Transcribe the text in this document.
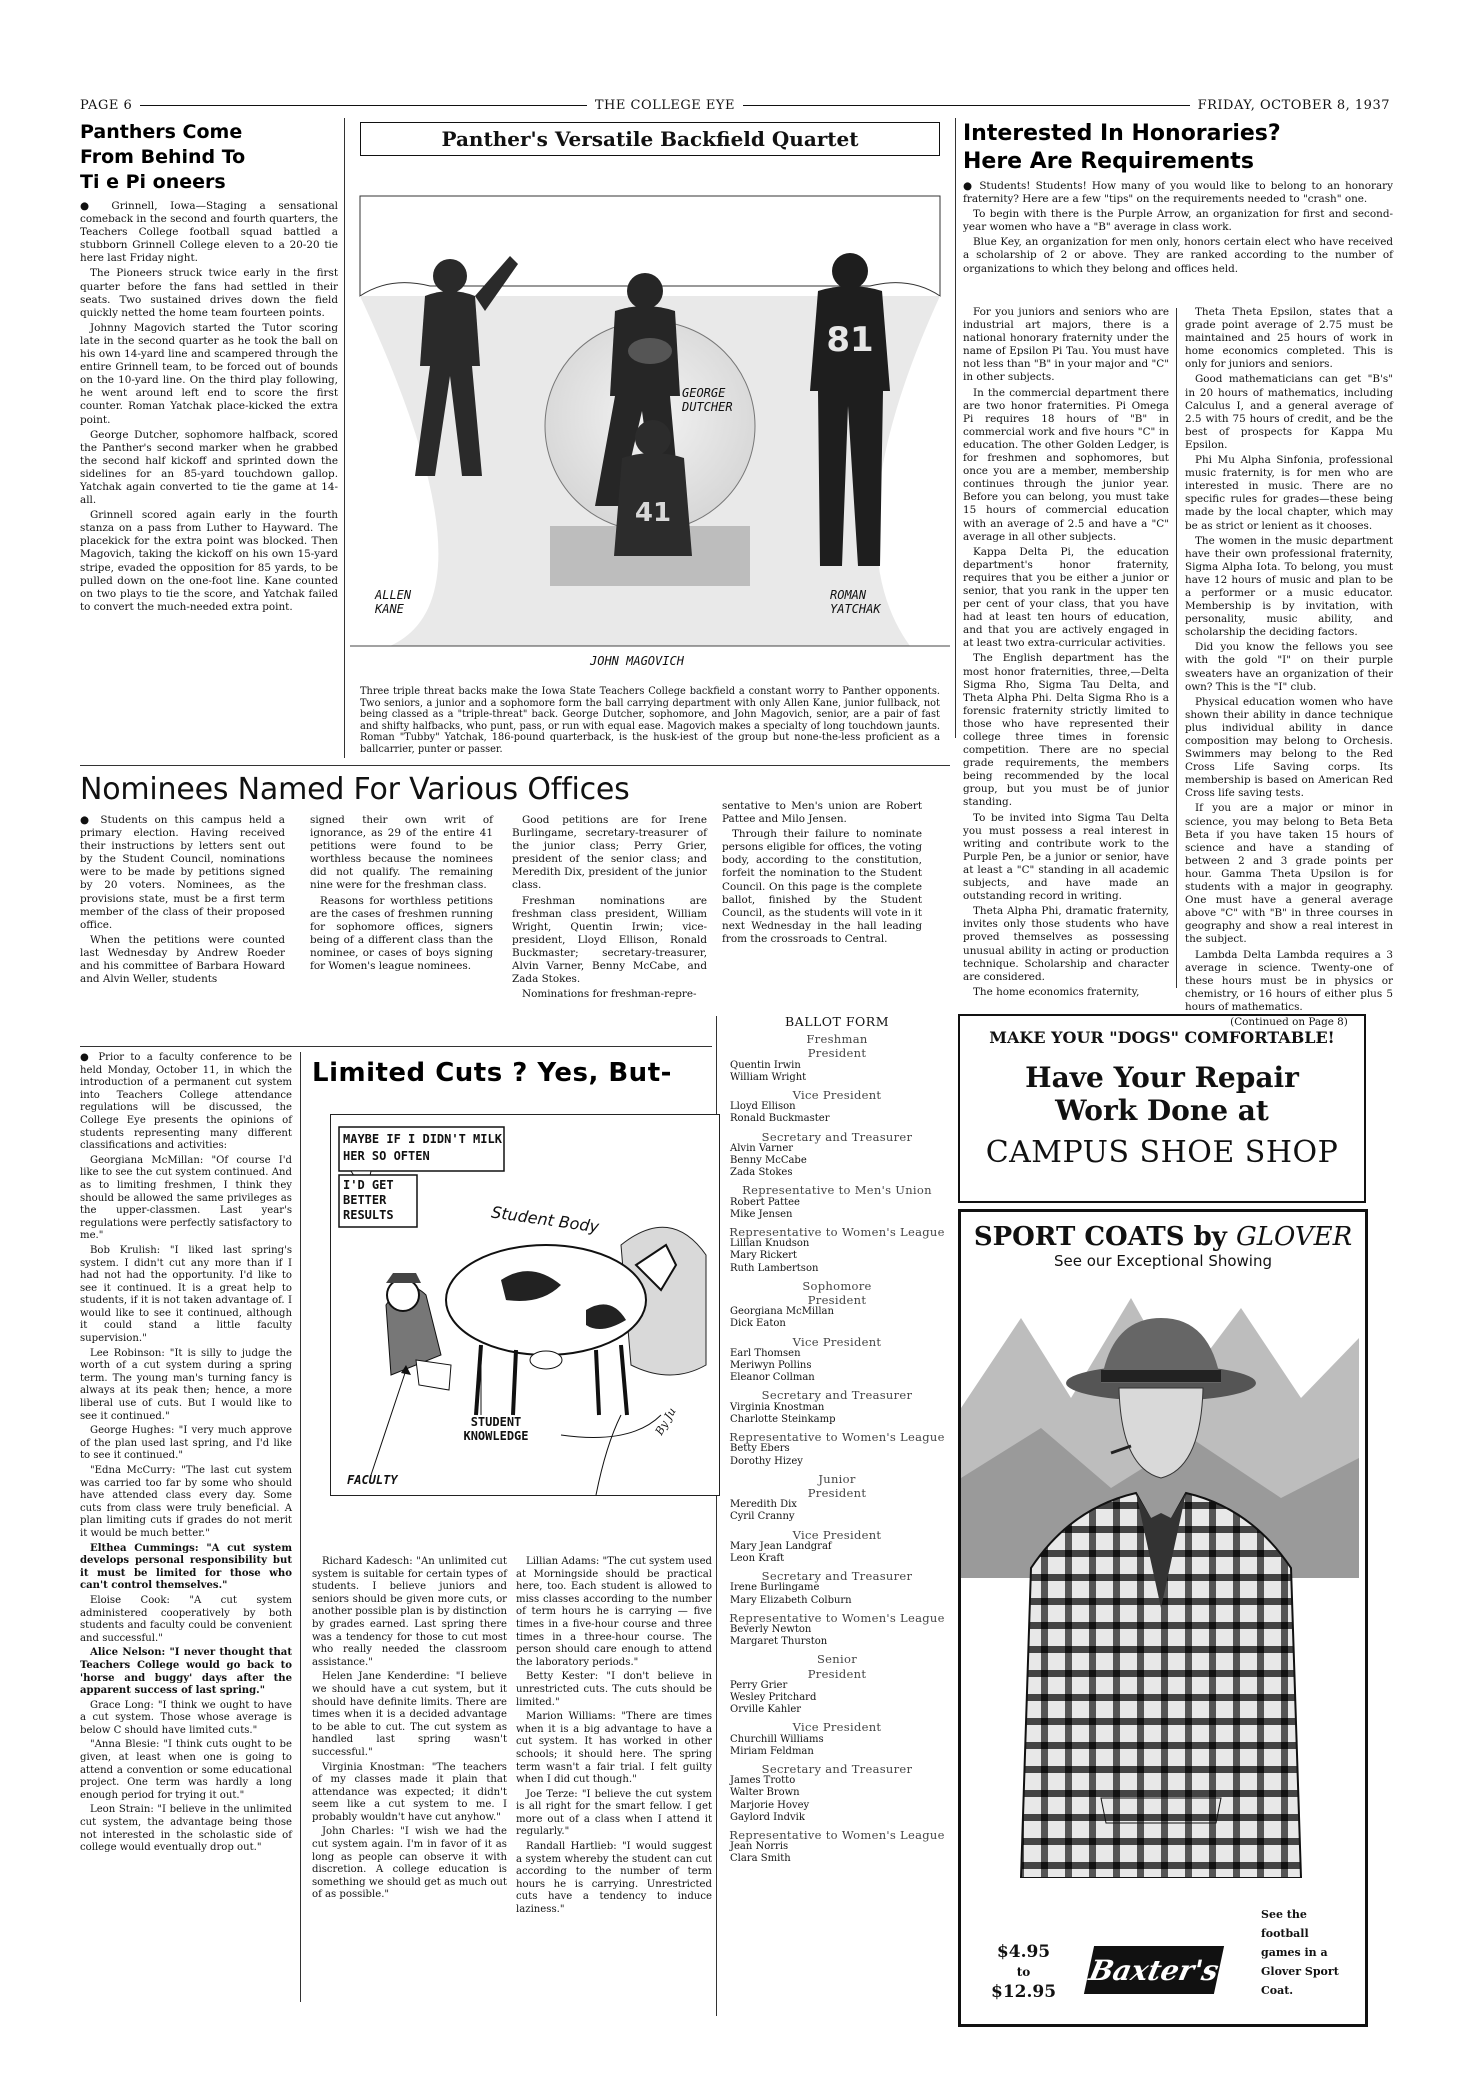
PAGE 6	THE COLLEGE EYE	FRIDAY, OCTOBER 8, 1937
Panthers Come
From Behind To
Ti e Pi oneers

● Grinnell, Iowa—Staging a sensational comeback in the second and fourth quarters, the Teachers College football squad battled a stubborn Grinnell College eleven to a 20-20 tie here last Friday night.

The Pioneers struck twice early in the first quarter before the fans had settled in their seats. Two sustained drives down the field quickly netted the home team fourteen points.

Johnny Magovich started the Tutor scoring late in the second quarter as he took the ball on his own 14-yard line and scampered through the entire Grinnell team, to be forced out of bounds on the 10-yard line. On the third play following, he went around left end to score the first counter. Roman Yatchak place-kicked the extra point.

George Dutcher, sophomore halfback, scored the Panther's second marker when he grabbed the second half kickoff and sprinted down the sidelines for an 85-yard touchdown gallop. Yatchak again converted to tie the game at 14-all.

Grinnell scored again early in the fourth stanza on a pass from Luther to Hayward. The placekick for the extra point was blocked. Then Magovich, taking the kickoff on his own 15-yard stripe, evaded the opposition for 85 yards, to be pulled down on the one-foot line. Kane counted on two plays to tie the score, and Yatchak failed to convert the much-needed extra point.

Panther's Versatile Backfield Quartet
81
41
GEORGE DUTCHER
ALLEN KANE
ROMAN YATCHAK
JOHN MAGOVICH
Three triple threat backs make the Iowa State Teachers College backfield a constant worry to Panther opponents. Two seniors, a junior and a sophomore form the ball carrying department with only Allen Kane, junior fullback, not being classed as a "triple-threat" back. George Dutcher, sophomore, and John Magovich, senior, are a pair of fast and shifty halfbacks, who punt, pass, or run with equal ease. Magovich makes a specialty of long touchdown jaunts. Roman "Tubby" Yatchak, 186-pound quarterback, is the husk-iest of the group but none-the-less proficient as a ballcarrier, punter or passer.
Interested In Honoraries?
Here Are Requirements

● Students! Students! How many of you would like to belong to an honorary fraternity? Here are a few "tips" on the requirements needed to "crash" one.

To begin with there is the Purple Arrow, an organization for first and second-year women who have a "B" average in class work.

Blue Key, an organization for men only, honors certain elect who have received a scholarship of 2 or above. They are ranked according to the number of organizations to which they belong and offices held.

For you juniors and seniors who are industrial art majors, there is a national honorary fraternity under the name of Epsilon Pi Tau. You must have not less than "B" in your major and "C" in other subjects.

In the commercial department there are two honor fraternities. Pi Omega Pi requires 18 hours of "B" in commercial work and five hours "C" in education. The other Golden Ledger, is for freshmen and sophomores, but once you are a member, membership continues through the junior year. Before you can belong, you must take 15 hours of commercial education with an average of 2.5 and have a "C" average in all other subjects.

Kappa Delta Pi, the education department's honor fraternity, requires that you be either a junior or senior, that you rank in the upper ten per cent of your class, that you have had at least ten hours of education, and that you are actively engaged in at least two extra-curricular activities.

The English department has the most honor fraternities, three,—Delta Sigma Rho, Sigma Tau Delta, and Theta Alpha Phi. Delta Sigma Rho is a forensic fraternity strictly limited to those who have represented their college three times in forensic competition. There are no special grade requirements, the members being recommended by the local group, but you must be of junior standing.

To be invited into Sigma Tau Delta you must possess a real interest in writing and contribute work to the Purple Pen, be a junior or senior, have at least a "C" standing in all academic subjects, and have made an outstanding record in writing.

Theta Alpha Phi, dramatic fraternity, invites only those students who have proved themselves as possessing unusual ability in acting or production technique. Scholarship and character are considered.

The home economics fraternity,

Theta Theta Epsilon, states that a grade point average of 2.75 must be maintained and 25 hours of work in home economics completed. This is only for juniors and seniors.

Good mathematicians can get "B's" in 20 hours of mathematics, including Calculus I, and a general average of 2.5 with 75 hours of credit, and be the best of prospects for Kappa Mu Epsilon.

Phi Mu Alpha Sinfonia, professional music fraternity, is for men who are interested in music. There are no specific rules for grades—these being made by the local chapter, which may be as strict or lenient as it chooses.

The women in the music department have their own professional fraternity, Sigma Alpha Iota. To belong, you must have 12 hours of music and plan to be a performer or a music educator. Membership is by invitation, with personality, music ability, and scholarship the deciding factors.

Did you know the fellows you see with the gold "I" on their purple sweaters have an organization of their own? This is the "I" club.

Physical education women who have shown their ability in dance technique plus individual ability in dance composition may belong to Orchesis. Swimmers may belong to the Red Cross Life Saving corps. Its membership is based on American Red Cross life saving tests.

If you are a major or minor in science, you may belong to Beta Beta Beta if you have taken 15 hours of science and have a standing of between 2 and 3 grade points per hour. Gamma Theta Upsilon is for students with a major in geography. One must have a general average above "C" with "B" in three courses in geography and show a real interest in the subject.

Lambda Delta Lambda requires a 3 average in science. Twenty-one of these hours must be in physics or chemistry, or 16 hours of either plus 5 hours of mathematics.

(Continued on Page 8)
Nominees Named For Various Offices

● Students on this campus held a primary election. Having received their instructions by letters sent out by the Student Council, nominations were to be made by petitions signed by 20 voters. Nominees, as the provisions state, must be a first term member of the class of their proposed office.

When the petitions were counted last Wednesday by Andrew Roeder and his committee of Barbara Howard and Alvin Weller, students

signed their own writ of ignorance, as 29 of the entire 41 petitions were found to be worthless because the nominees did not qualify. The remaining nine were for the freshman class.

Reasons for worthless petitions are the cases of freshmen running for sophomore offices, signers being of a different class than the nominee, or cases of boys signing for Women's league nominees.

Good petitions are for Irene Burlingame, secretary-treasurer of the junior class; Perry Grier, president of the senior class; and Meredith Dix, president of the junior class.

Freshman nominations are freshman class president, William Wright, Quentin Irwin; vice-president, Lloyd Ellison, Ronald Buckmaster; secretary-treasurer, Alvin Varner, Benny McCabe, and Zada Stokes.

Nominations for freshman-repre-

sentative to Men's union are Robert Pattee and Milo Jensen.

Through their failure to nominate persons eligible for offices, the voting body, according to the constitution, forfeit the nomination to the Student Council. On this page is the complete ballot, finished by the Student Council, as the students will vote in it next Wednesday in the hall leading from the crossroads to Central.

BALLOT FORM
Freshman
President
Quentin Irwin
William Wright
Vice President
Lloyd Ellison
Ronald Buckmaster
Secretary and Treasurer
Alvin Varner
Benny McCabe
Zada Stokes
Representative to Men's Union
Robert Pattee
Mike Jensen
Representative to Women's League
Lillian Knudson
Mary Rickert
Ruth Lambertson
Sophomore
President
Georgiana McMillan
Dick Eaton
Vice President
Earl Thomsen
Meriwyn Pollins
Eleanor Collman
Secretary and Treasurer
Virginia Knostman
Charlotte Steinkamp
Representative to Women's League
Betty Ebers
Dorothy Hizey
Junior
President
Meredith Dix
Cyril Cranny
Vice President
Mary Jean Landgraf
Leon Kraft
Secretary and Treasurer
Irene Burlingame
Mary Elizabeth Colburn
Representative to Women's League
Beverly Newton
Margaret Thurston
Senior
President
Perry Grier
Wesley Pritchard
Orville Kahler
Vice President
Churchill Williams
Miriam Feldman
Secretary and Treasurer
James Trotto
Walter Brown
Marjorie Hovey
Gaylord Indvik
Representative to Women's League
Jean Norris
Clara Smith

● Prior to a faculty conference to be held Monday, October 11, in which the introduction of a permanent cut system into Teachers College attendance regulations will be discussed, the College Eye presents the opinions of students representing many different classifications and activities:

Georgiana McMillan: "Of course I'd like to see the cut system continued. And as to limiting freshmen, I think they should be allowed the same privileges as the upper-classmen. Last year's regulations were perfectly satisfactory to me."

Bob Krulish: "I liked last spring's system. I didn't cut any more than if I had not had the opportunity. I'd like to see it continued. It is a great help to students, if it is not taken advantage of. I would like to see it continued, although it could stand a little faculty supervision."

Lee Robinson: "It is silly to judge the worth of a cut system during a spring term. The young man's turning fancy is always at its peak then; hence, a more liberal use of cuts. But I would like to see it continued."

George Hughes: "I very much approve of the plan used last spring, and I'd like to see it continued."

"Edna McCurry: "The last cut system was carried too far by some who should have attended class every day. Some cuts from class were truly beneficial. A plan limiting cuts if grades do not merit it would be much better."

Elthea Cummings: "A cut system develops personal responsibility but it must be limited for those who can't control themselves."

Eloise Cook: "A cut system administered cooperatively by both students and faculty could be convenient and successful."

Alice Nelson: "I never thought that Teachers College would go back to 'horse and buggy' days after the apparent success of last spring."

Grace Long: "I think we ought to have a cut system. Those whose average is below C should have limited cuts."

"Anna Blesie: "I think cuts ought to be given, at least when one is going to attend a convention or some educational project. One term was hardly a long enough period for trying it out."

Leon Strain: "I believe in the unlimited cut system, the advantage being those not interested in the scholastic side of college would eventually drop out."

Limited Cuts ? Yes, But-
MAYBE IF I DIDN'T MILK HER SO OFTEN
I'D GET BETTER RESULTS	Student Body
STUDENT KNOWLEDGE
FACULTY
By Ju

Richard Kadesch: "An unlimited cut system is suitable for certain types of students. I believe juniors and seniors should be given more cuts, or another possible plan is by distinction by grades earned. Last spring there was a tendency for those to cut most who really needed the classroom assistance."

Helen Jane Kenderdine: "I believe we should have a cut system, but it should have definite limits. There are times when it is a decided advantage to be able to cut. The cut system as handled last spring wasn't successful."

Virginia Knostman: "The teachers of my classes made it plain that attendance was expected; it didn't seem like a cut system to me. I probably wouldn't have cut anyhow."

John Charles: "I wish we had the cut system again. I'm in favor of it as long as people can observe it with discretion. A college education is something we should get as much out of as possible."

Lillian Adams: "The cut system used at Morningside should be practical here, too. Each student is allowed to miss classes according to the number of term hours he is carrying — five times in a five-hour course and three times in a three-hour course. The person should care enough to attend the laboratory periods."

Betty Kester: "I don't believe in unrestricted cuts. The cuts should be limited."

Marion Williams: "There are times when it is a big advantage to have a cut system. It has worked in other schools; it should here. The spring term wasn't a fair trial. I felt guilty when I did cut though."

Joe Terze: "I believe the cut system is all right for the smart fellow. I get more out of a class when I attend it regularly."

Randall Hartlieb: "I would suggest a system whereby the student can cut according to the number of term hours he is carrying. Unrestricted cuts have a tendency to induce laziness."

MAKE YOUR "DOGS" COMFORTABLE!
Have Your Repair
Work Done at
CAMPUS SHOE SHOP
SPORT COATS by GLOVER
See our Exceptional Showing
$4.95
to
$12.95
Baxter's
See the football games in a Glover Sport Coat.
